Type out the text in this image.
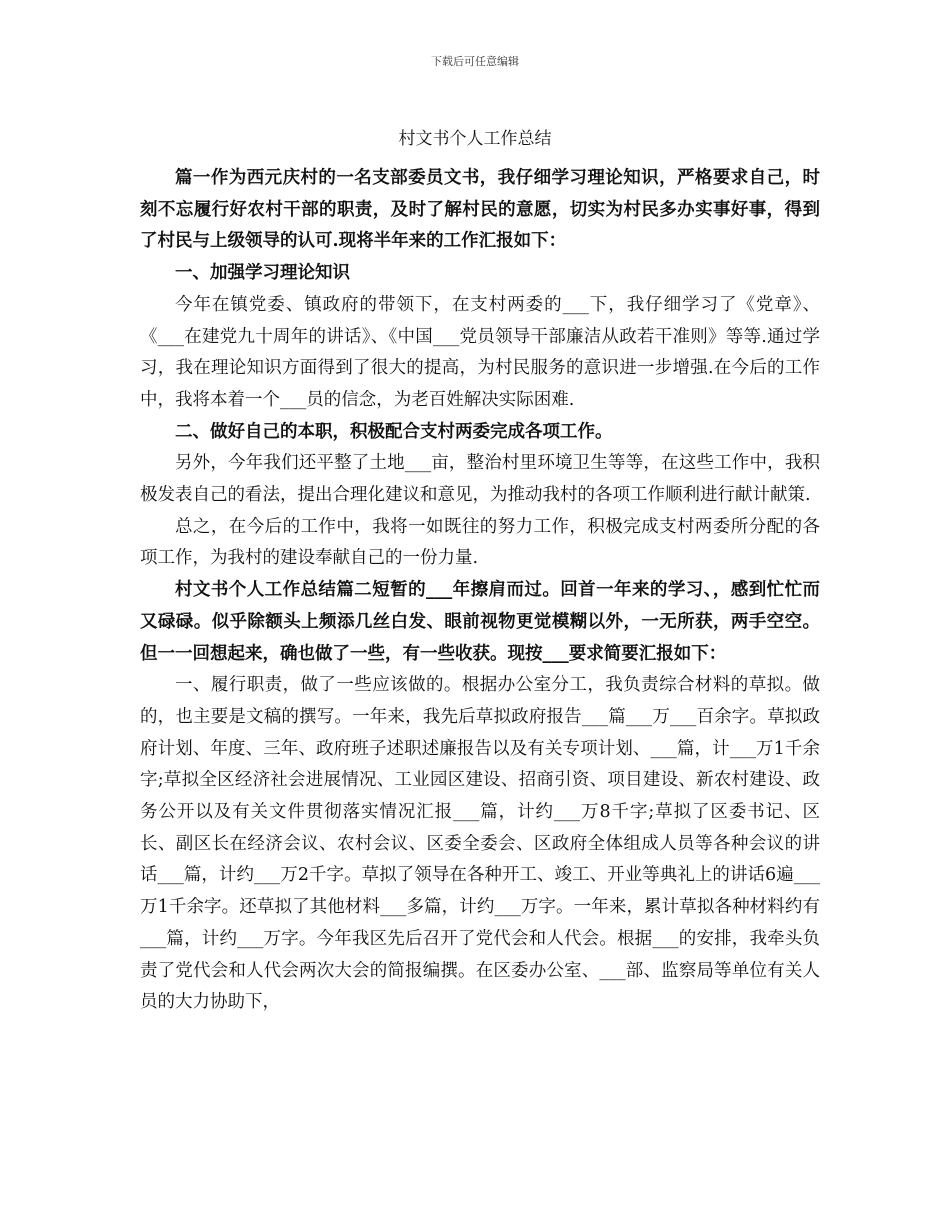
下载后可任意编辑
村文书个人工作总结

篇一作为西元庆村的一名支部委员文书，我仔细学习理论知识，严格要求自己，时刻不忘履行好农村干部的职责，及时了解村民的意愿，切实为村民多办实事好事，得到了村民与上级领导的认可.现将半年来的工作汇报如下：

一、加强学习理论知识

今年在镇党委、镇政府的带领下，在支村两委的___下，我仔细学习了《党章》、《___在建党九十周年的讲话》、《中国___党员领导干部廉洁从政若干准则》等等.通过学习，我在理论知识方面得到了很大的提高，为村民服务的意识进一步增强.在今后的工作中，我将本着一个___员的信念，为老百姓解决实际困难.

二、做好自己的本职，积极配合支村两委完成各项工作。

另外，今年我们还平整了土地___亩，整治村里环境卫生等等，在这些工作中，我积极发表自己的看法，提出合理化建议和意见，为推动我村的各项工作顺利进行献计献策.

总之，在今后的工作中，我将一如既往的努力工作，积极完成支村两委所分配的各项工作，为我村的建设奉献自己的一份力量.

村文书个人工作总结篇二短暂的___年擦肩而过。回首一年来的学习、，感到忙忙而又碌碌。似乎除额头上频添几丝白发、眼前视物更觉模糊以外，一无所获，两手空空。但一一回想起来，确也做了一些，有一些收获。现按___要求简要汇报如下：

一、履行职责，做了一些应该做的。根据办公室分工，我负责综合材料的草拟。做的，也主要是文稿的撰写。一年来，我先后草拟政府报告___篇___万___百余字。草拟政府计划、年度、三年、政府班子述职述廉报告以及有关专项计划、___篇，计___万1千余字;草拟全区经济社会进展情况、工业园区建设、招商引资、项目建设、新农村建设、政务公开以及有关文件贯彻落实情况汇报___篇，计约___万8千字;草拟了区委书记、区长、副区长在经济会议、农村会议、区委全委会、区政府全体组成人员等各种会议的讲话___篇，计约___万2千字。草拟了领导在各种开工、竣工、开业等典礼上的讲话6遍___万1千余字。还草拟了其他材料___多篇，计约___万字。一年来，累计草拟各种材料约有___篇，计约___万字。今年我区先后召开了党代会和人代会。根据___的安排，我牵头负责了党代会和人代会两次大会的简报编撰。在区委办公室、___部、监察局等单位有关人员的大力协助下，
